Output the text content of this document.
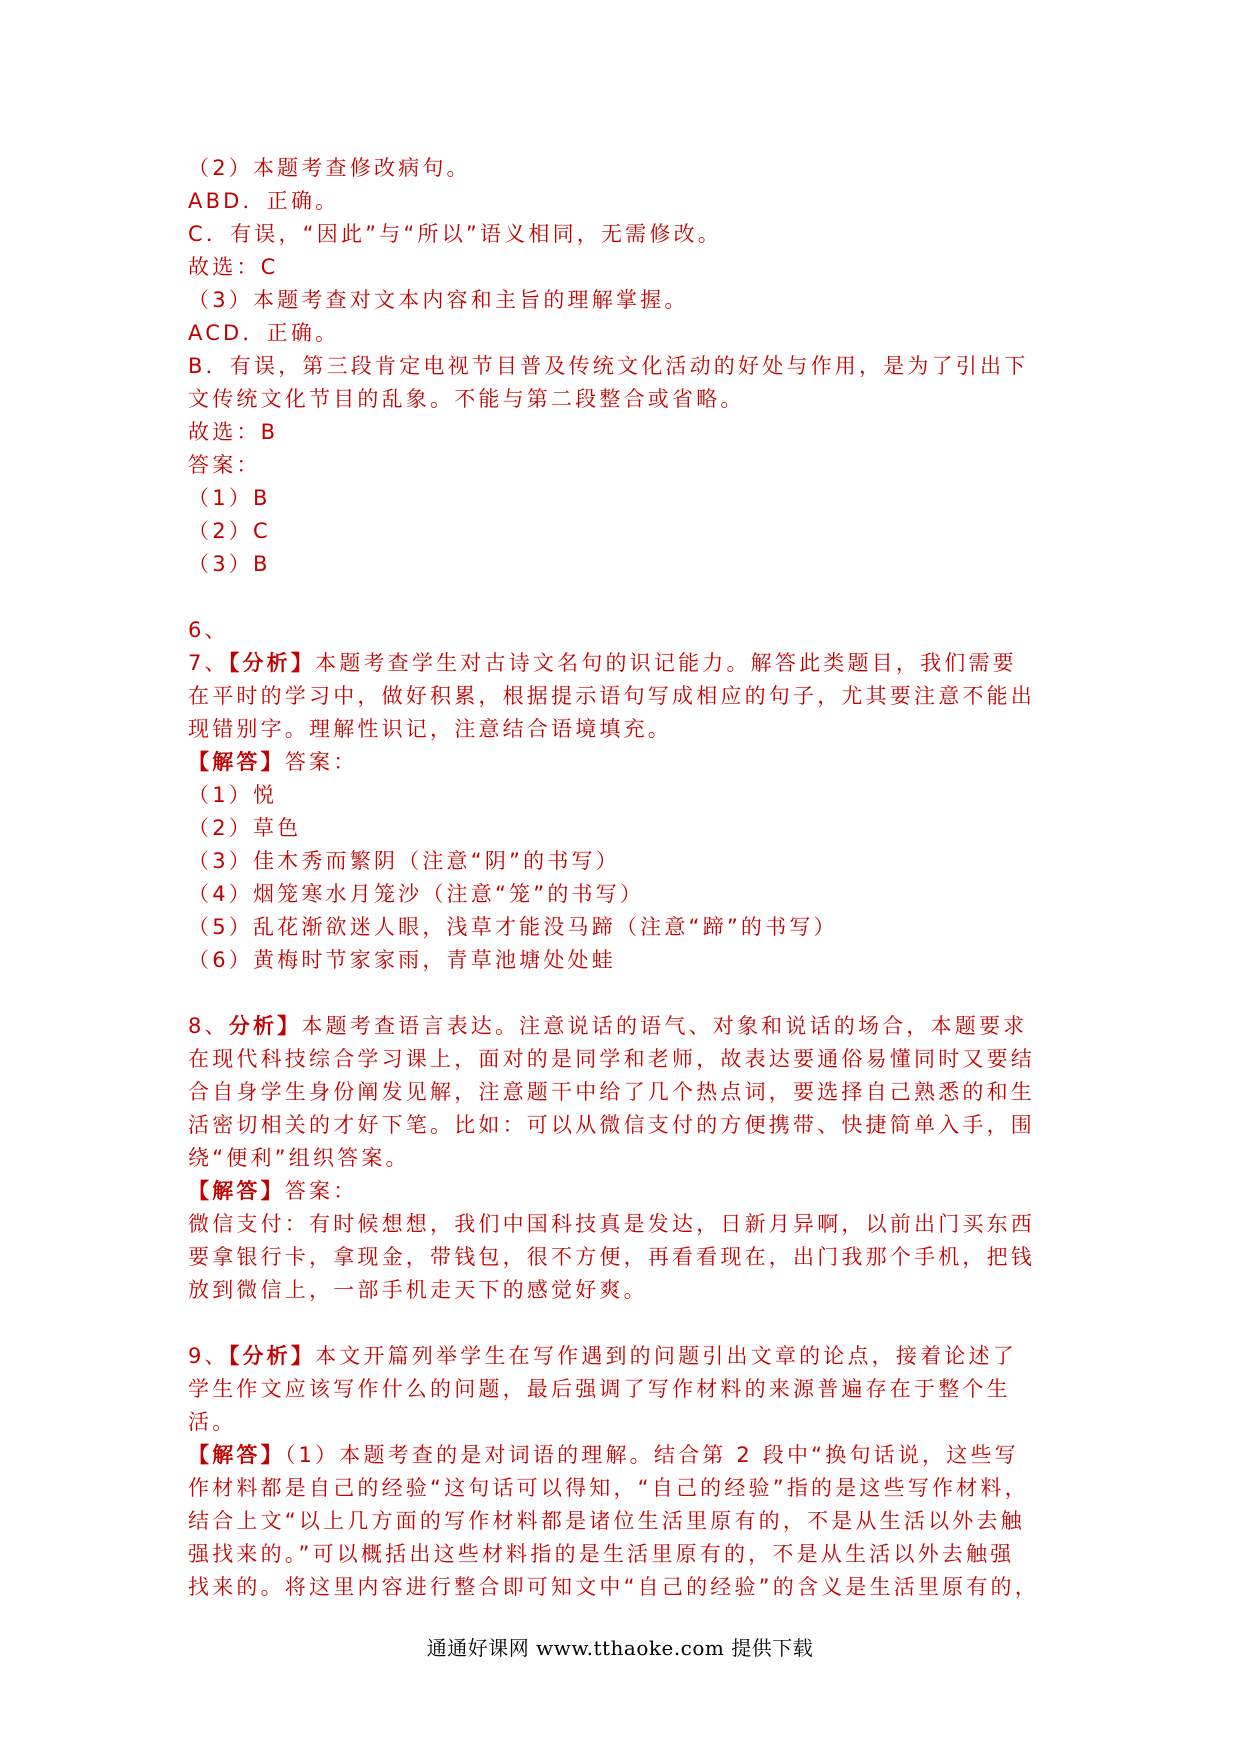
（2）本题考查修改病句。
ABD．正确。
C．有误，“因此”与“所以”语义相同，无需修改。
故选：C
（3）本题考查对文本内容和主旨的理解掌握。
ACD．正确。
B．有误，第三段肯定电视节目普及传统文化活动的好处与作用，是为了引出下
文传统文化节目的乱象。不能与第二段整合或省略。
故选：B
答案：
（1）B
（2）C
（3）B
6、
7、【分析】本题考查学生对古诗文名句的识记能力。解答此类题目，我们需要
在平时的学习中，做好积累，根据提示语句写成相应的句子，尤其要注意不能出
现错别字。理解性识记，注意结合语境填充。
【解答】答案：
（1）悦
（2）草色
（3）佳木秀而繁阴（注意“阴”的书写）
（4）烟笼寒水月笼沙（注意“笼”的书写）
（5）乱花渐欲迷人眼，浅草才能没马蹄（注意“蹄”的书写）
（6）黄梅时节家家雨，青草池塘处处蛙
8、分析】本题考查语言表达。注意说话的语气、对象和说话的场合，本题要求
在现代科技综合学习课上，面对的是同学和老师，故表达要通俗易懂同时又要结
合自身学生身份阐发见解，注意题干中给了几个热点词，要选择自己熟悉的和生
活密切相关的才好下笔。比如：可以从微信支付的方便携带、快捷简单入手，围
绕“便利”组织答案。
【解答】答案：
微信支付：有时候想想，我们中国科技真是发达，日新月异啊，以前出门买东西
要拿银行卡，拿现金，带钱包，很不方便，再看看现在，出门我那个手机，把钱
放到微信上，一部手机走天下的感觉好爽。
9、【分析】本文开篇列举学生在写作遇到的问题引出文章的论点，接着论述了
学生作文应该写作什么的问题，最后强调了写作材料的来源普遍存在于整个生
活。
【解答】（1）本题考查的是对词语的理解。结合第 2 段中“换句话说，这些写
作材料都是自己的经验“这句话可以得知，“自己的经验”指的是这些写作材料，
结合上文“以上几方面的写作材料都是诸位生活里原有的，不是从生活以外去触
强找来的。”可以概括出这些材料指的是生活里原有的，不是从生活以外去触强
找来的。将这里内容进行整合即可知文中“自己的经验”的含义是生活里原有的，
通通好课网 www.tthaoke.com 提供下载
